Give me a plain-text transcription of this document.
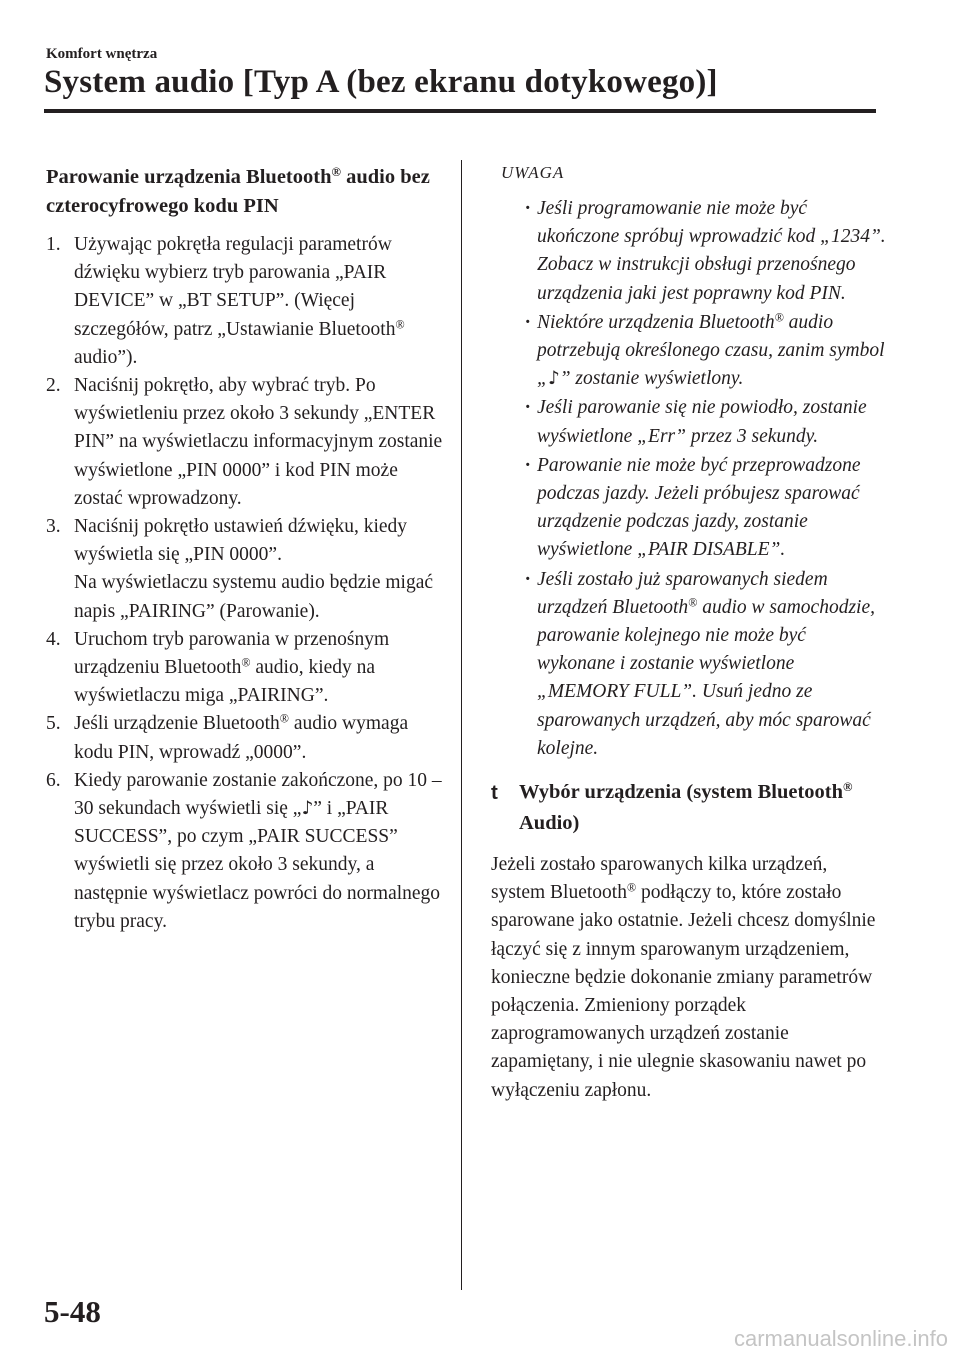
Komfort wnętrza
System audio [Typ A (bez ekranu dotykowego)]
Parowanie urządzenia Bluetooth® audio bez czterocyfrowego kodu PIN
1. Używając pokrętła regulacji parametrów dźwięku wybierz tryb parowania „PAIR DEVICE” w „BT SETUP”. (Więcej szczegółów, patrz „Ustawianie Bluetooth® audio”).
2. Naciśnij pokrętło, aby wybrać tryb. Po wyświetleniu przez około 3 sekundy „ENTER PIN” na wyświetlaczu informacyjnym zostanie wyświetlone „PIN 0000” i kod PIN może zostać wprowadzony.
3. Naciśnij pokrętło ustawień dźwięku, kiedy wyświetla się „PIN 0000”.
Na wyświetlaczu systemu audio będzie migać napis „PAIRING” (Parowanie).
4. Uruchom tryb parowania w przenośnym urządzeniu Bluetooth® audio, kiedy na wyświetlaczu miga „PAIRING”.
5. Jeśli urządzenie Bluetooth® audio wymaga kodu PIN, wprowadź „0000”.
6. Kiedy parowanie zostanie zakończone, po 10 – 30 sekundach wyświetli się „♪” i „PAIR SUCCESS”, po czym „PAIR SUCCESS” wyświetli się przez około 3 sekundy, a następnie wyświetlacz powróci do normalnego trybu pracy.
UWAGA
· Jeśli programowanie nie może być ukończone spróbuj wprowadzić kod „1234”. Zobacz w instrukcji obsługi przenośnego urządzenia jaki jest poprawny kod PIN.
· Niektóre urządzenia Bluetooth® audio potrzebują określonego czasu, zanim symbol „♪” zostanie wyświetlony.
· Jeśli parowanie się nie powiodło, zostanie wyświetlone „Err” przez 3 sekundy.
· Parowanie nie może być przeprowadzone podczas jazdy. Jeżeli próbujesz sparować urządzenie podczas jazdy, zostanie wyświetlone „PAIR DISABLE”.
· Jeśli zostało już sparowanych siedem urządzeń Bluetooth® audio w samochodzie, parowanie kolejnego nie może być wykonane i zostanie wyświetlone „MEMORY FULL”. Usuń jedno ze sparowanych urządzeń, aby móc sparować kolejne.
t	Wybór urządzenia (system Bluetooth® Audio)
Jeżeli zostało sparowanych kilka urządzeń, system Bluetooth® podłączy to, które zostało sparowane jako ostatnie. Jeżeli chcesz domyślnie łączyć się z innym sparowanym urządzeniem, konieczne będzie dokonanie zmiany parametrów połączenia. Zmieniony porządek zaprogramowanych urządzeń zostanie zapamiętany, i nie ulegnie skasowaniu nawet po wyłączeniu zapłonu.
5-48
carmanualsonline.info
